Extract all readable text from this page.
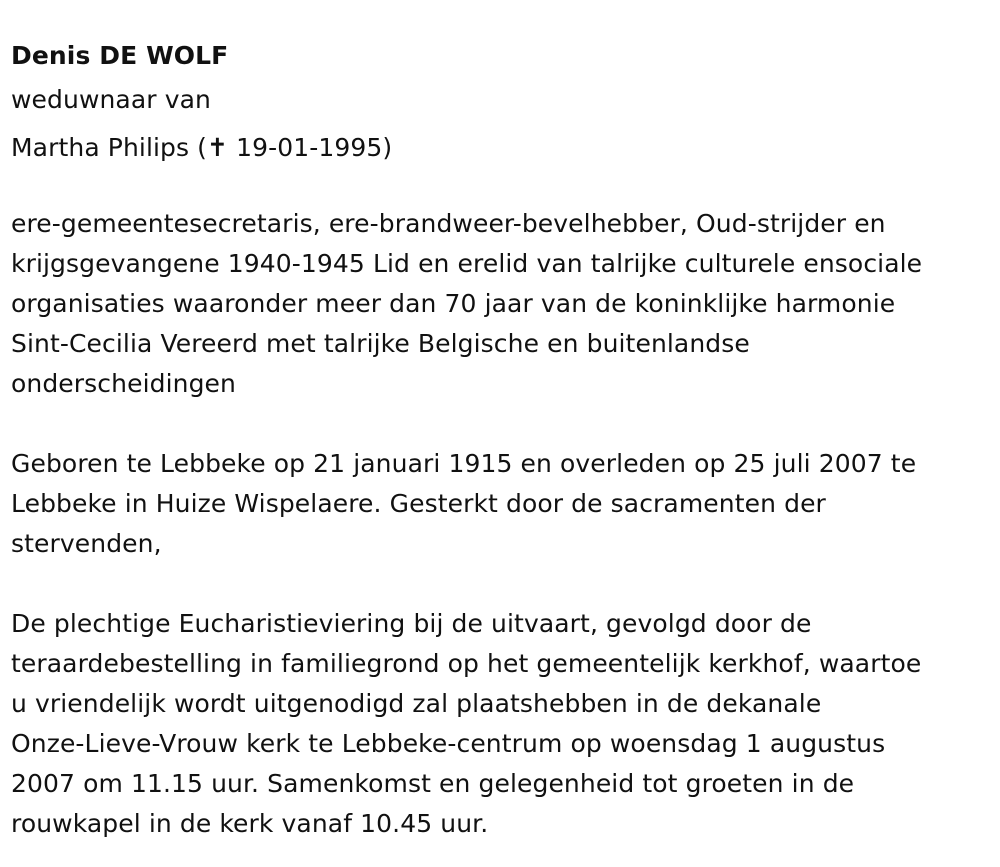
Denis DE WOLF

weduwnaar van

Martha Philips (✝ 19-01-1995)

ere-gemeentesecretaris, ere-brandweer-bevelhebber, Oud-strijder en
krijgsgevangene 1940-1945 Lid en erelid van talrijke culturele ensociale
organisaties waaronder meer dan 70 jaar van de koninklijke harmonie
Sint-Cecilia Vereerd met talrijke Belgische en buitenlandse
onderscheidingen

Geboren te Lebbeke op 21 januari 1915 en overleden op 25 juli 2007 te
Lebbeke in Huize Wispelaere. Gesterkt door de sacramenten der
stervenden,

De plechtige Eucharistieviering bij de uitvaart, gevolgd door de
teraardebestelling in familiegrond op het gemeentelijk kerkhof, waartoe
u vriendelijk wordt uitgenodigd zal plaatshebben in de dekanale
Onze-Lieve-Vrouw kerk te Lebbeke-centrum op woensdag 1 augustus
2007 om 11.15 uur. Samenkomst en gelegenheid tot groeten in de
rouwkapel in de kerk vanaf 10.45 uur.
